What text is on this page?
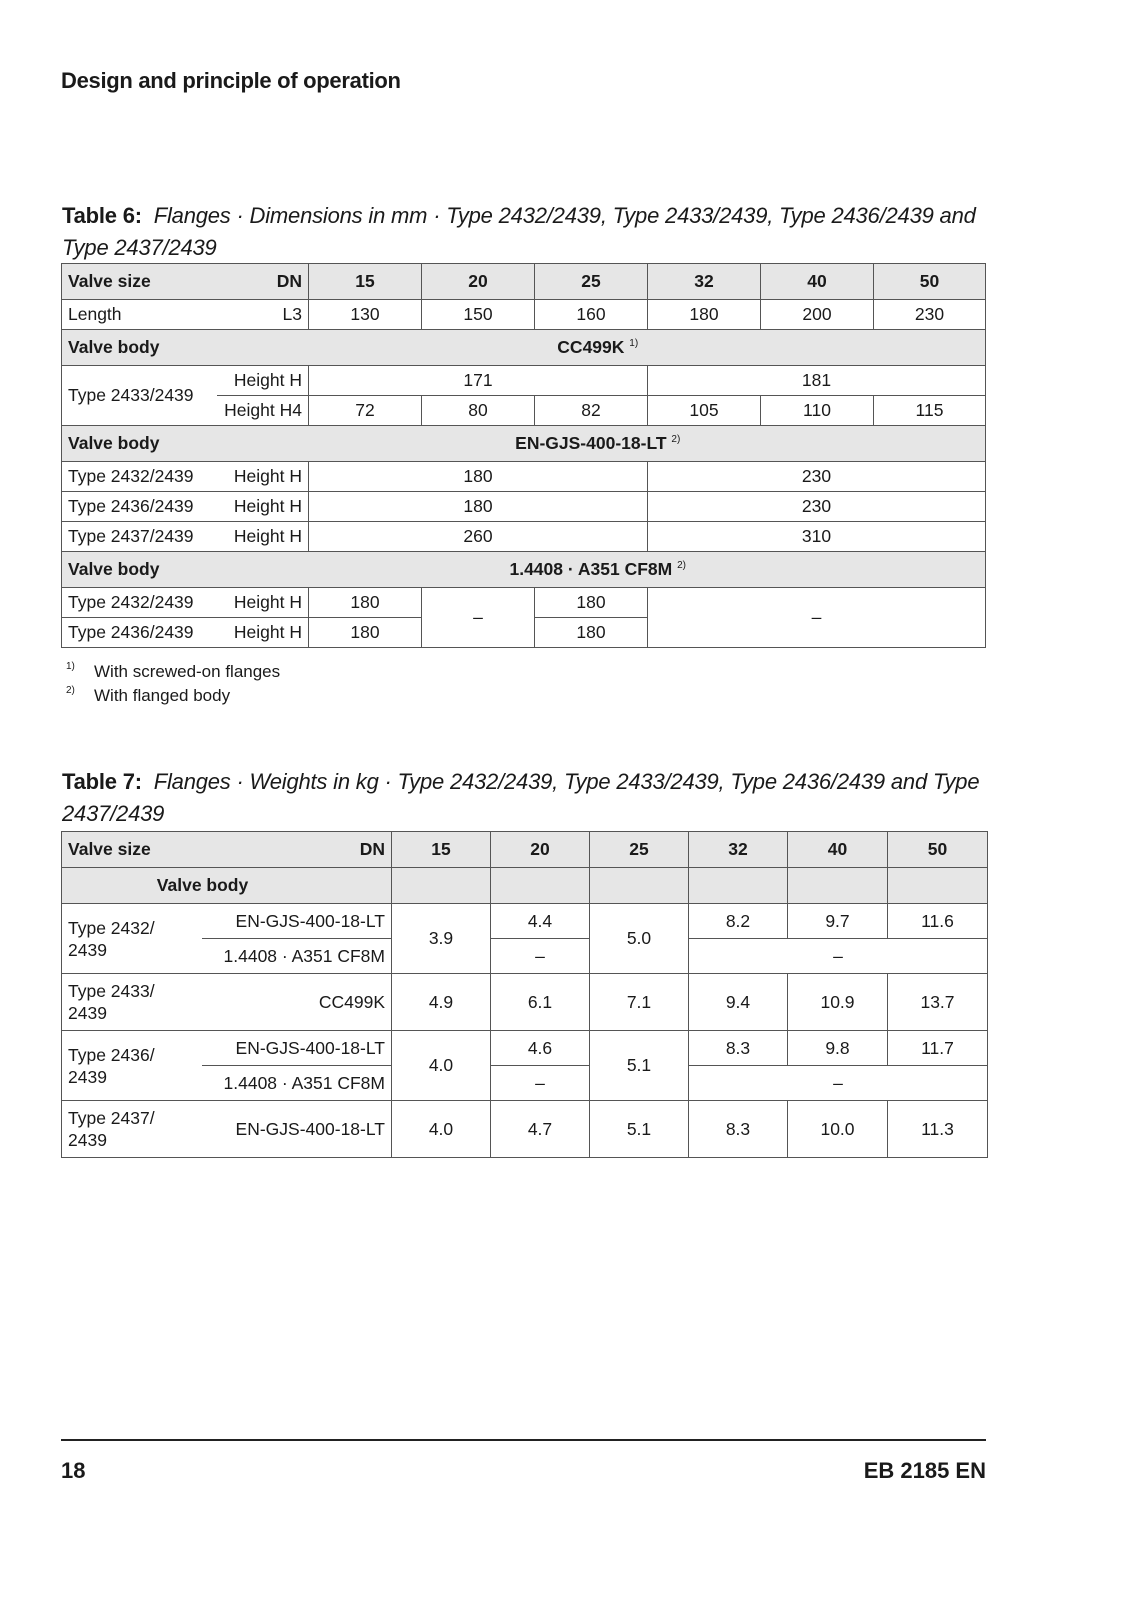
Design and principle of operation

Table 6: Flanges · Dimensions in mm · Type 2432/2439, Type 2433/2439, Type 2436/2439 and Type 2437/2439

Valve size	DN	15	20	25	32	40	50
Length	L3	130	150	160	180	200	230
Valve body	CC499K $^{1)}$
Type 2433/2439	Height H	171			181		
	Height H4	72	80	82	105	110	115
Valve body	EN-GJS-400-18-LT $^{2)}$
Type 2432/2439	Height H	180			230		
Type 2436/2439	Height H	180			230		
Type 2437/2439	Height H	260			310		
Valve body	1.4408 · A351 CF8M $^{2)}$
Type 2432/2439	Height H	180	–	180	–		
Type 2436/2439	Height H	180		180			
$^{1)}$ With screwed-on flanges
$^{2)}$ With flanged body

Table 7: Flanges · Weights in kg · Type 2432/2439, Type 2433/2439, Type 2436/2439 and Type 2437/2439

Valve size	DN	15	20	25	32	40	50
Valve body							
Type 2432/ 2439	EN-GJS-400-18-LT	3.9	4.4	5.0	8.2	9.7	11.6
	1.4408 · A351 CF8M		–		–		
Type 2433/ 2439	CC499K	4.9	6.1	7.1	9.4	10.9	13.7
Type 2436/ 2439	EN-GJS-400-18-LT	4.0	4.6	5.1	8.3	9.8	11.7
	1.4408 · A351 CF8M		–		–		
Type 2437/ 2439	EN-GJS-400-18-LT	4.0	4.7	5.1	8.3	10.0	11.3
18	EB 2185 EN
